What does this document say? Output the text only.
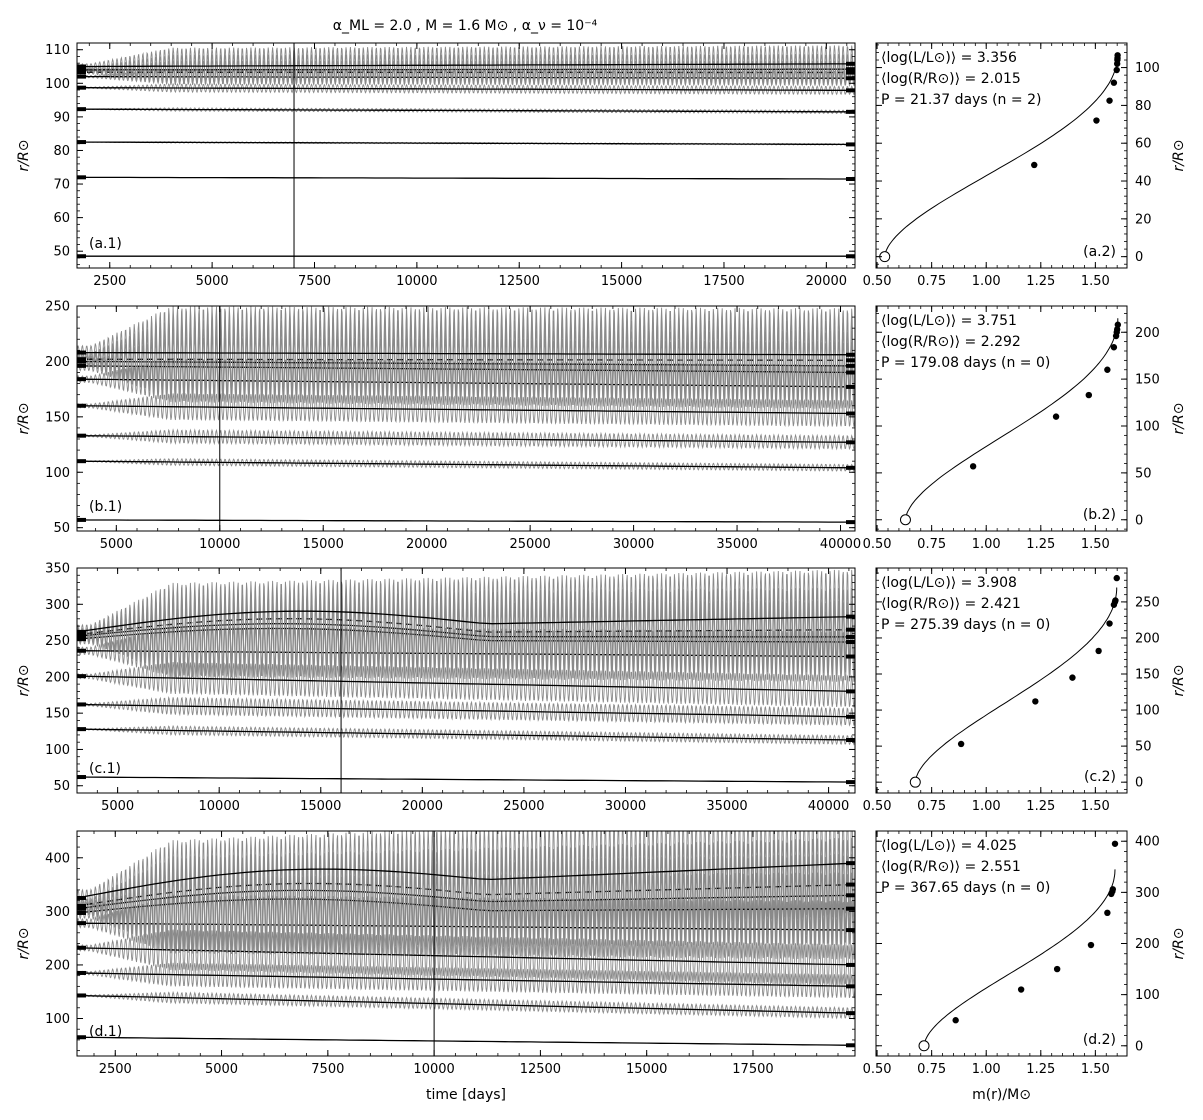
α_ML = 2.0 , M = 1.6 M⊙ , α_ν = 10⁻⁴
(a.1)
2500	5000	7500	10000	12500	15000	17500	20000
50
60
70
80
90
100
110
r/R⊙
⟨log(L/L⊙)⟩ = 3.356
⟨log(R/R⊙)⟩ = 2.015
P = 21.37 days (n = 2)
(a.2)
0.50 0.75 1.00 1.25 1.50
0
20
40
60
80
100
r/R⊙
(b.1)
5000	10000	15000	20000	25000	30000	35000	40000
50
100
150
200
250
r/R⊙
⟨log(L/L⊙)⟩ = 3.751
⟨log(R/R⊙)⟩ = 2.292
P = 179.08 days (n = 0)
(b.2)
0.50 0.75 1.00 1.25 1.50
0
50
100
150
200
r/R⊙
(c.1)
5000	10000	15000	20000	25000	30000	35000	40000
50
100
150
200
250
300
350
r/R⊙
⟨log(L/L⊙)⟩ = 3.908
⟨log(R/R⊙)⟩ = 2.421
P = 275.39 days (n = 0)
(c.2)
0.50 0.75 1.00 1.25 1.50
0
50
100
150
200
250
r/R⊙
(d.1)
2500	5000	7500	10000	12500	15000	17500
100
200
300
400
r/R⊙
time [days]
⟨log(L/L⊙)⟩ = 4.025
⟨log(R/R⊙)⟩ = 2.551
P = 367.65 days (n = 0)
(d.2)
0.50 0.75 1.00 1.25 1.50
0
100
200
300
400
r/R⊙
m(r)/M⊙
